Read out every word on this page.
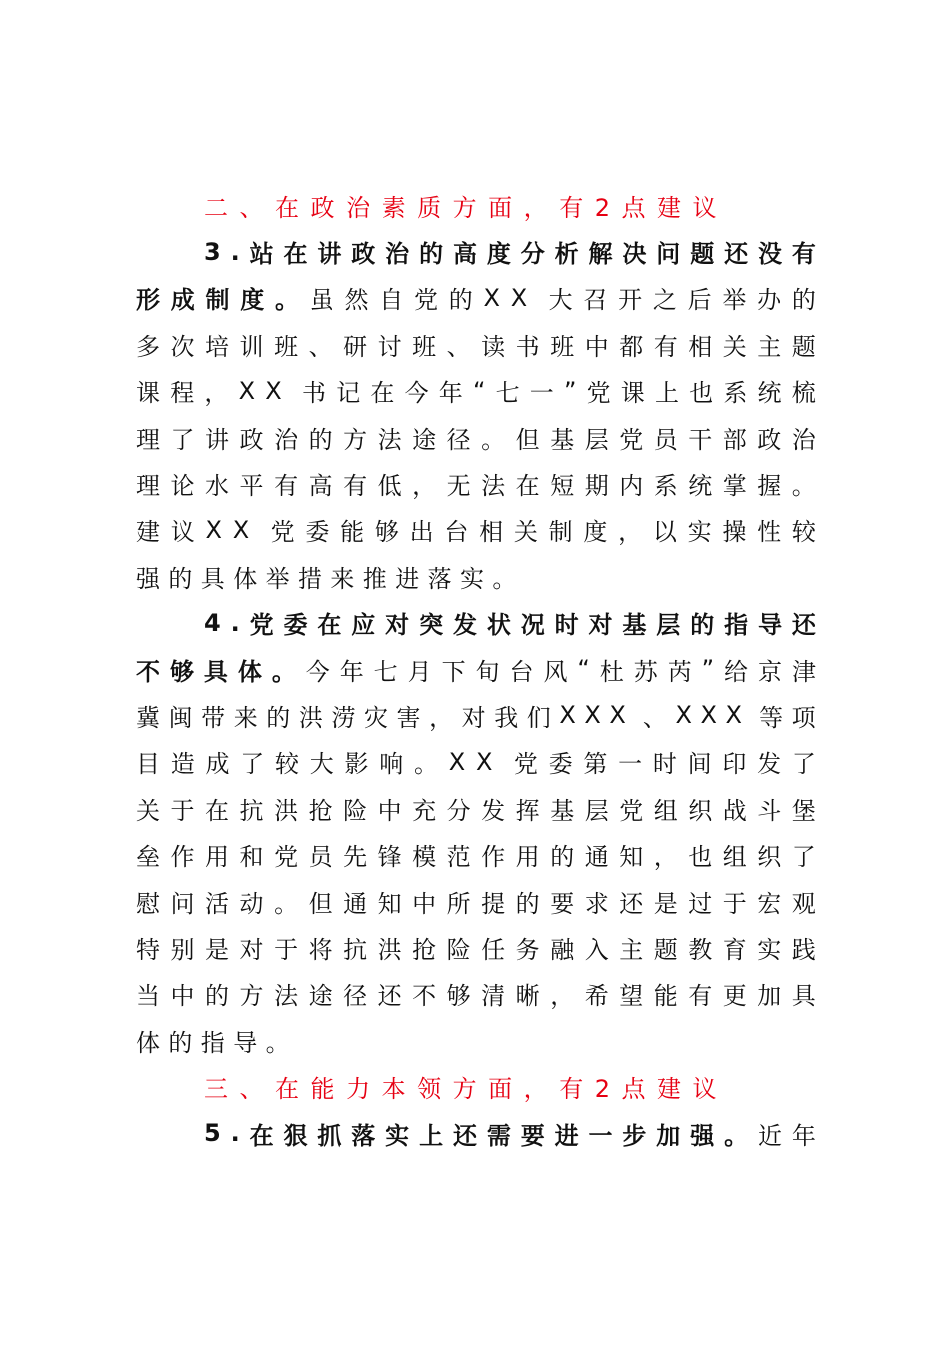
二、在政治素质方面，有2点建议
3 . 站 在 讲 政 治 的 高 度 分 析 解 决 问 题 还 没 有
形 成 制 度 。 虽 然 自 党 的 X X 大 召 开 之 后 举 办 的
多 次 培 训 班 、 研 讨 班 、 读 书 班 中 都 有 相 关 主 题
课 程 ， X X 书 记 在 今 年 “ 七 一 ” 党 课 上 也 系 统 梳
理 了 讲 政 治 的 方 法 途 径 。 但 基 层 党 员 干 部 政 治
理 论 水 平 有 高 有 低 ， 无 法 在 短 期 内 系 统 掌 握 。
建 议 X X 党 委 能 够 出 台 相 关 制 度 ， 以 实 操 性 较
强的具体举措来推进落实。
4 . 党 委 在 应 对 突 发 状 况 时 对 基 层 的 指 导 还
不 够 具 体 。 今 年 七 月 下 旬 台 风 “ 杜 苏 芮 ” 给 京 津
冀 闽 带 来 的 洪 涝 灾 害 ， 对 我 们 X X X 、 X X X 等 项
目 造 成 了 较 大 影 响 。 X X 党 委 第 一 时 间 印 发 了
关 于 在 抗 洪 抢 险 中 充 分 发 挥 基 层 党 组 织 战 斗 堡
垒 作 用 和 党 员 先 锋 模 范 作 用 的 通 知 ， 也 组 织 了
慰 问 活 动 。 但 通 知 中 所 提 的 要 求 还 是 过 于 宏 观
特 别 是 对 于 将 抗 洪 抢 险 任 务 融 入 主 题 教 育 实 践
当 中 的 方 法 途 径 还 不 够 清 晰 ， 希 望 能 有 更 加 具
体的指导。
三、在能力本领方面，有2点建议
5 . 在 狠 抓 落 实 上 还 需 要 进 一 步 加 强 。 近 年
